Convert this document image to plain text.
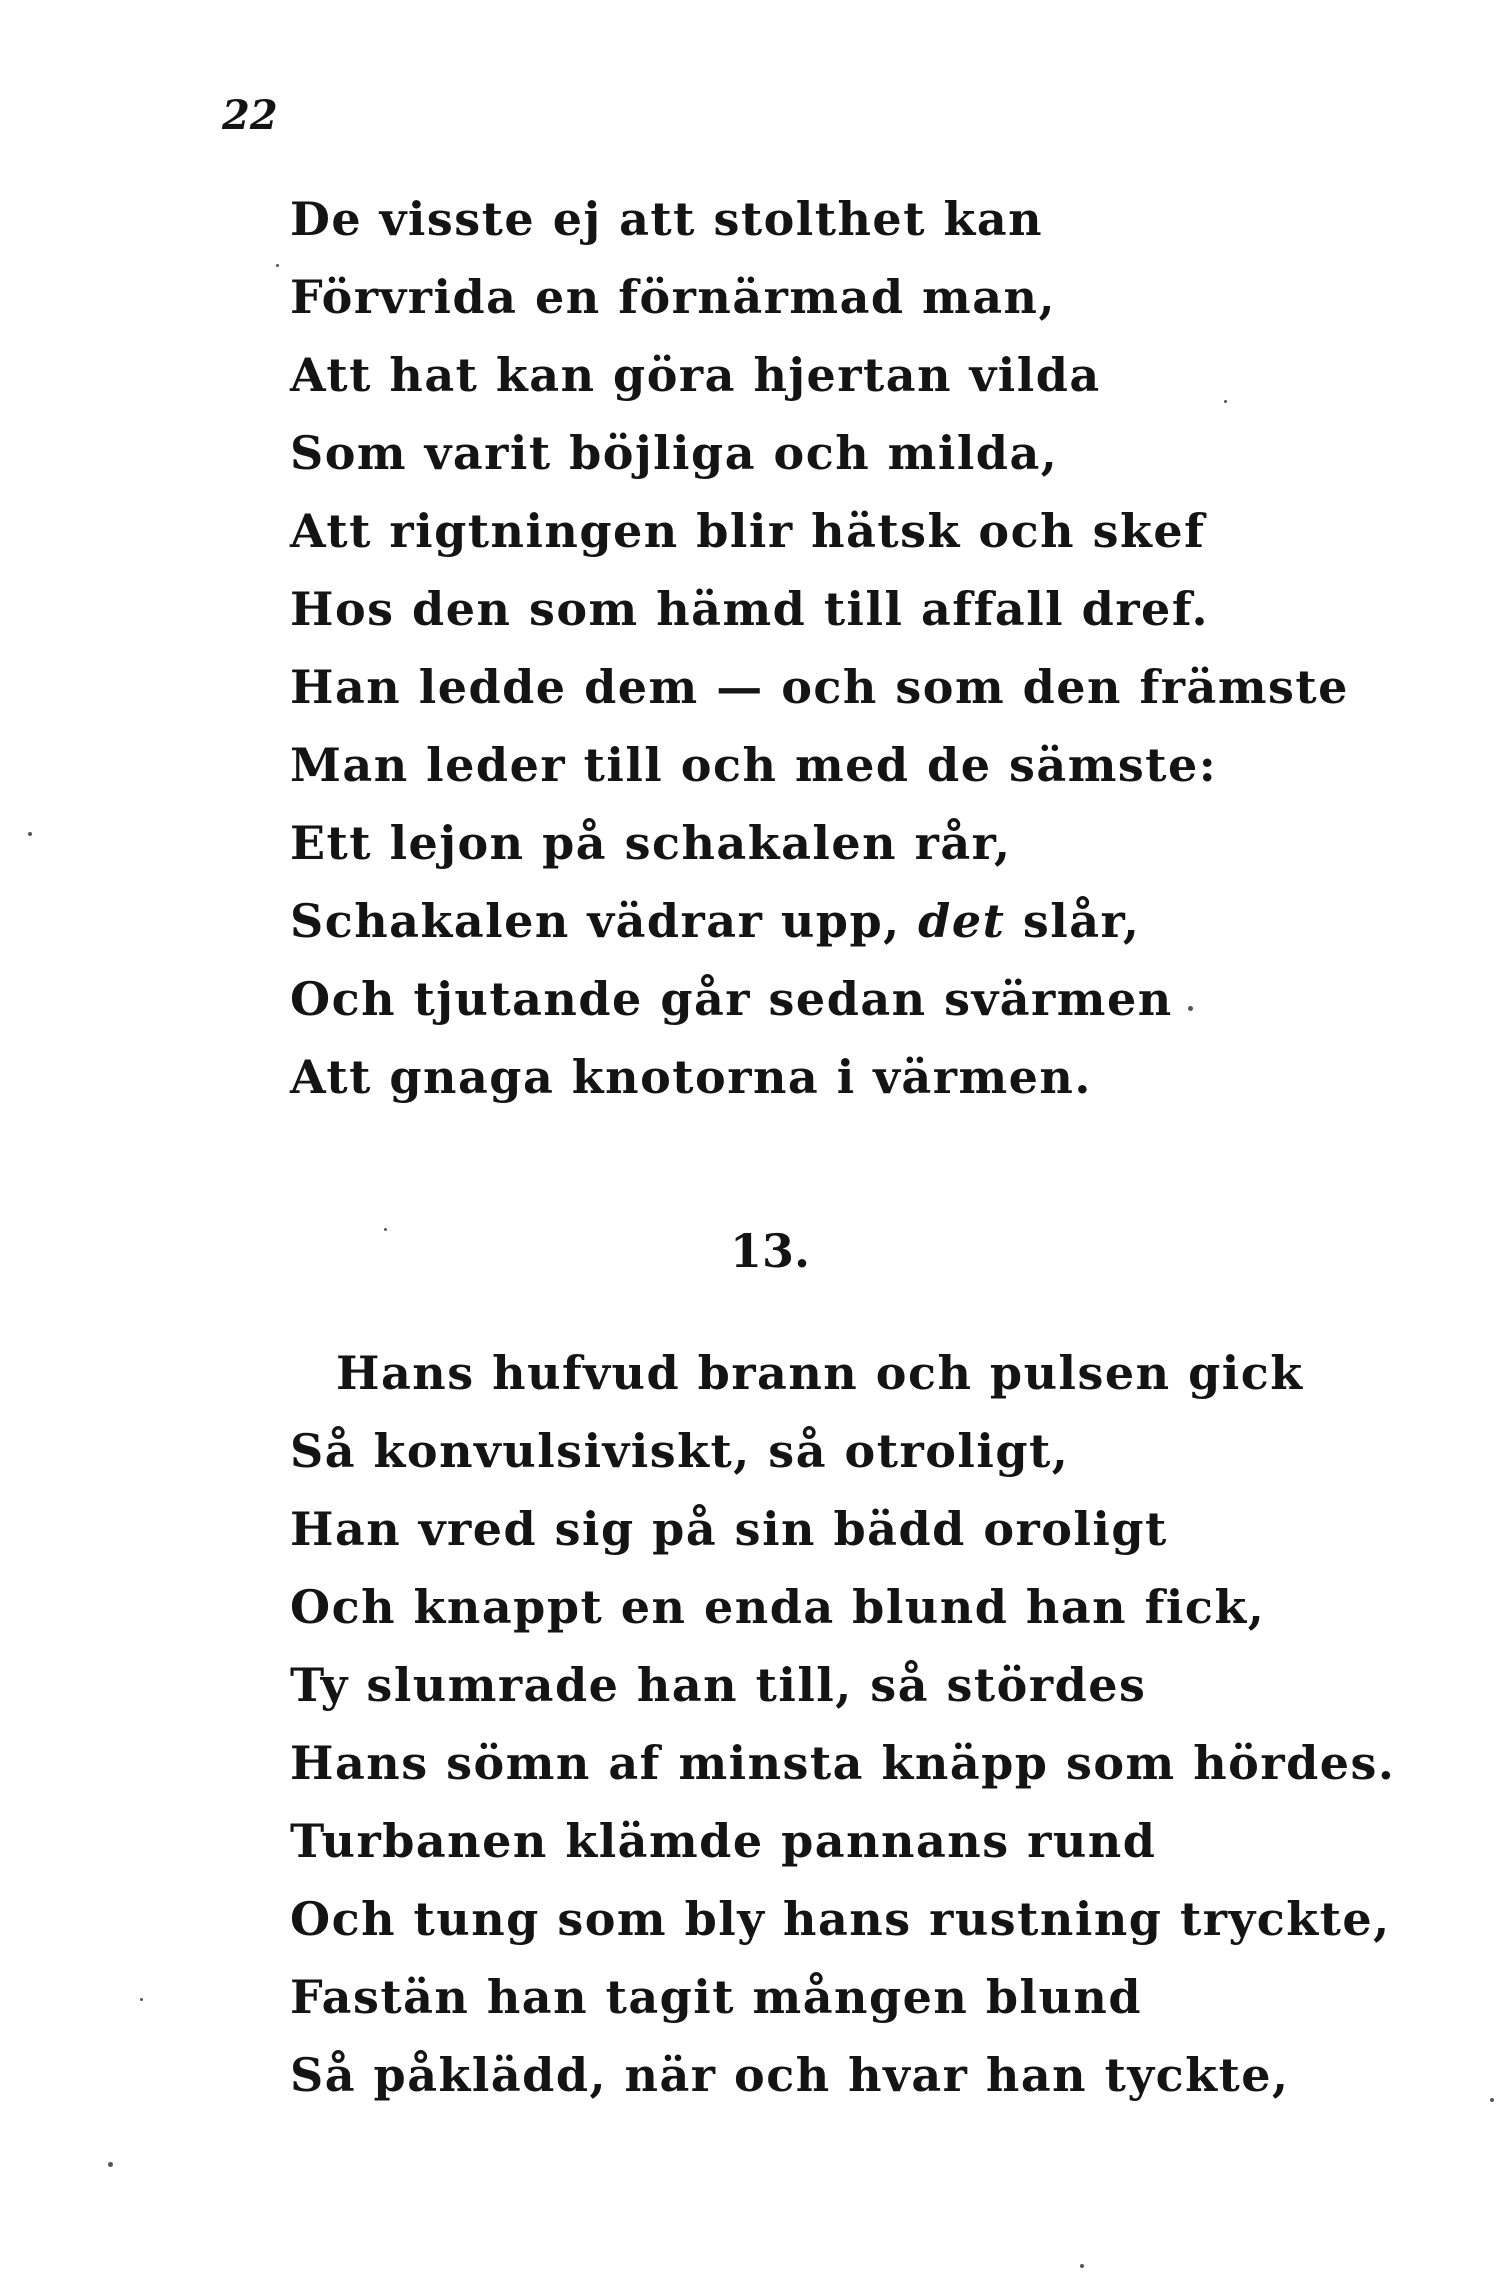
22
De visste ej att stolthet kan
Förvrida en förnärmad man,
Att hat kan göra hjertan vilda
Som varit böjliga och milda,
Att rigtningen blir hätsk och skef
Hos den som hämd till affall dref.
Han ledde dem — och som den främste
Man leder till och med de sämste:
Ett lejon på schakalen rår,
Schakalen vädrar upp, det slår,
Och tjutande går sedan svärmen
Att gnaga knotorna i värmen.
13.
Hans hufvud brann och pulsen gick
Så konvulsiviskt, så otroligt,
Han vred sig på sin bädd oroligt
Och knappt en enda blund han fick,
Ty slumrade han till, så stördes
Hans sömn af minsta knäpp som hördes.
Turbanen klämde pannans rund
Och tung som bly hans rustning tryckte,
Fastän han tagit mången blund
Så påklädd, när och hvar han tyckte,
